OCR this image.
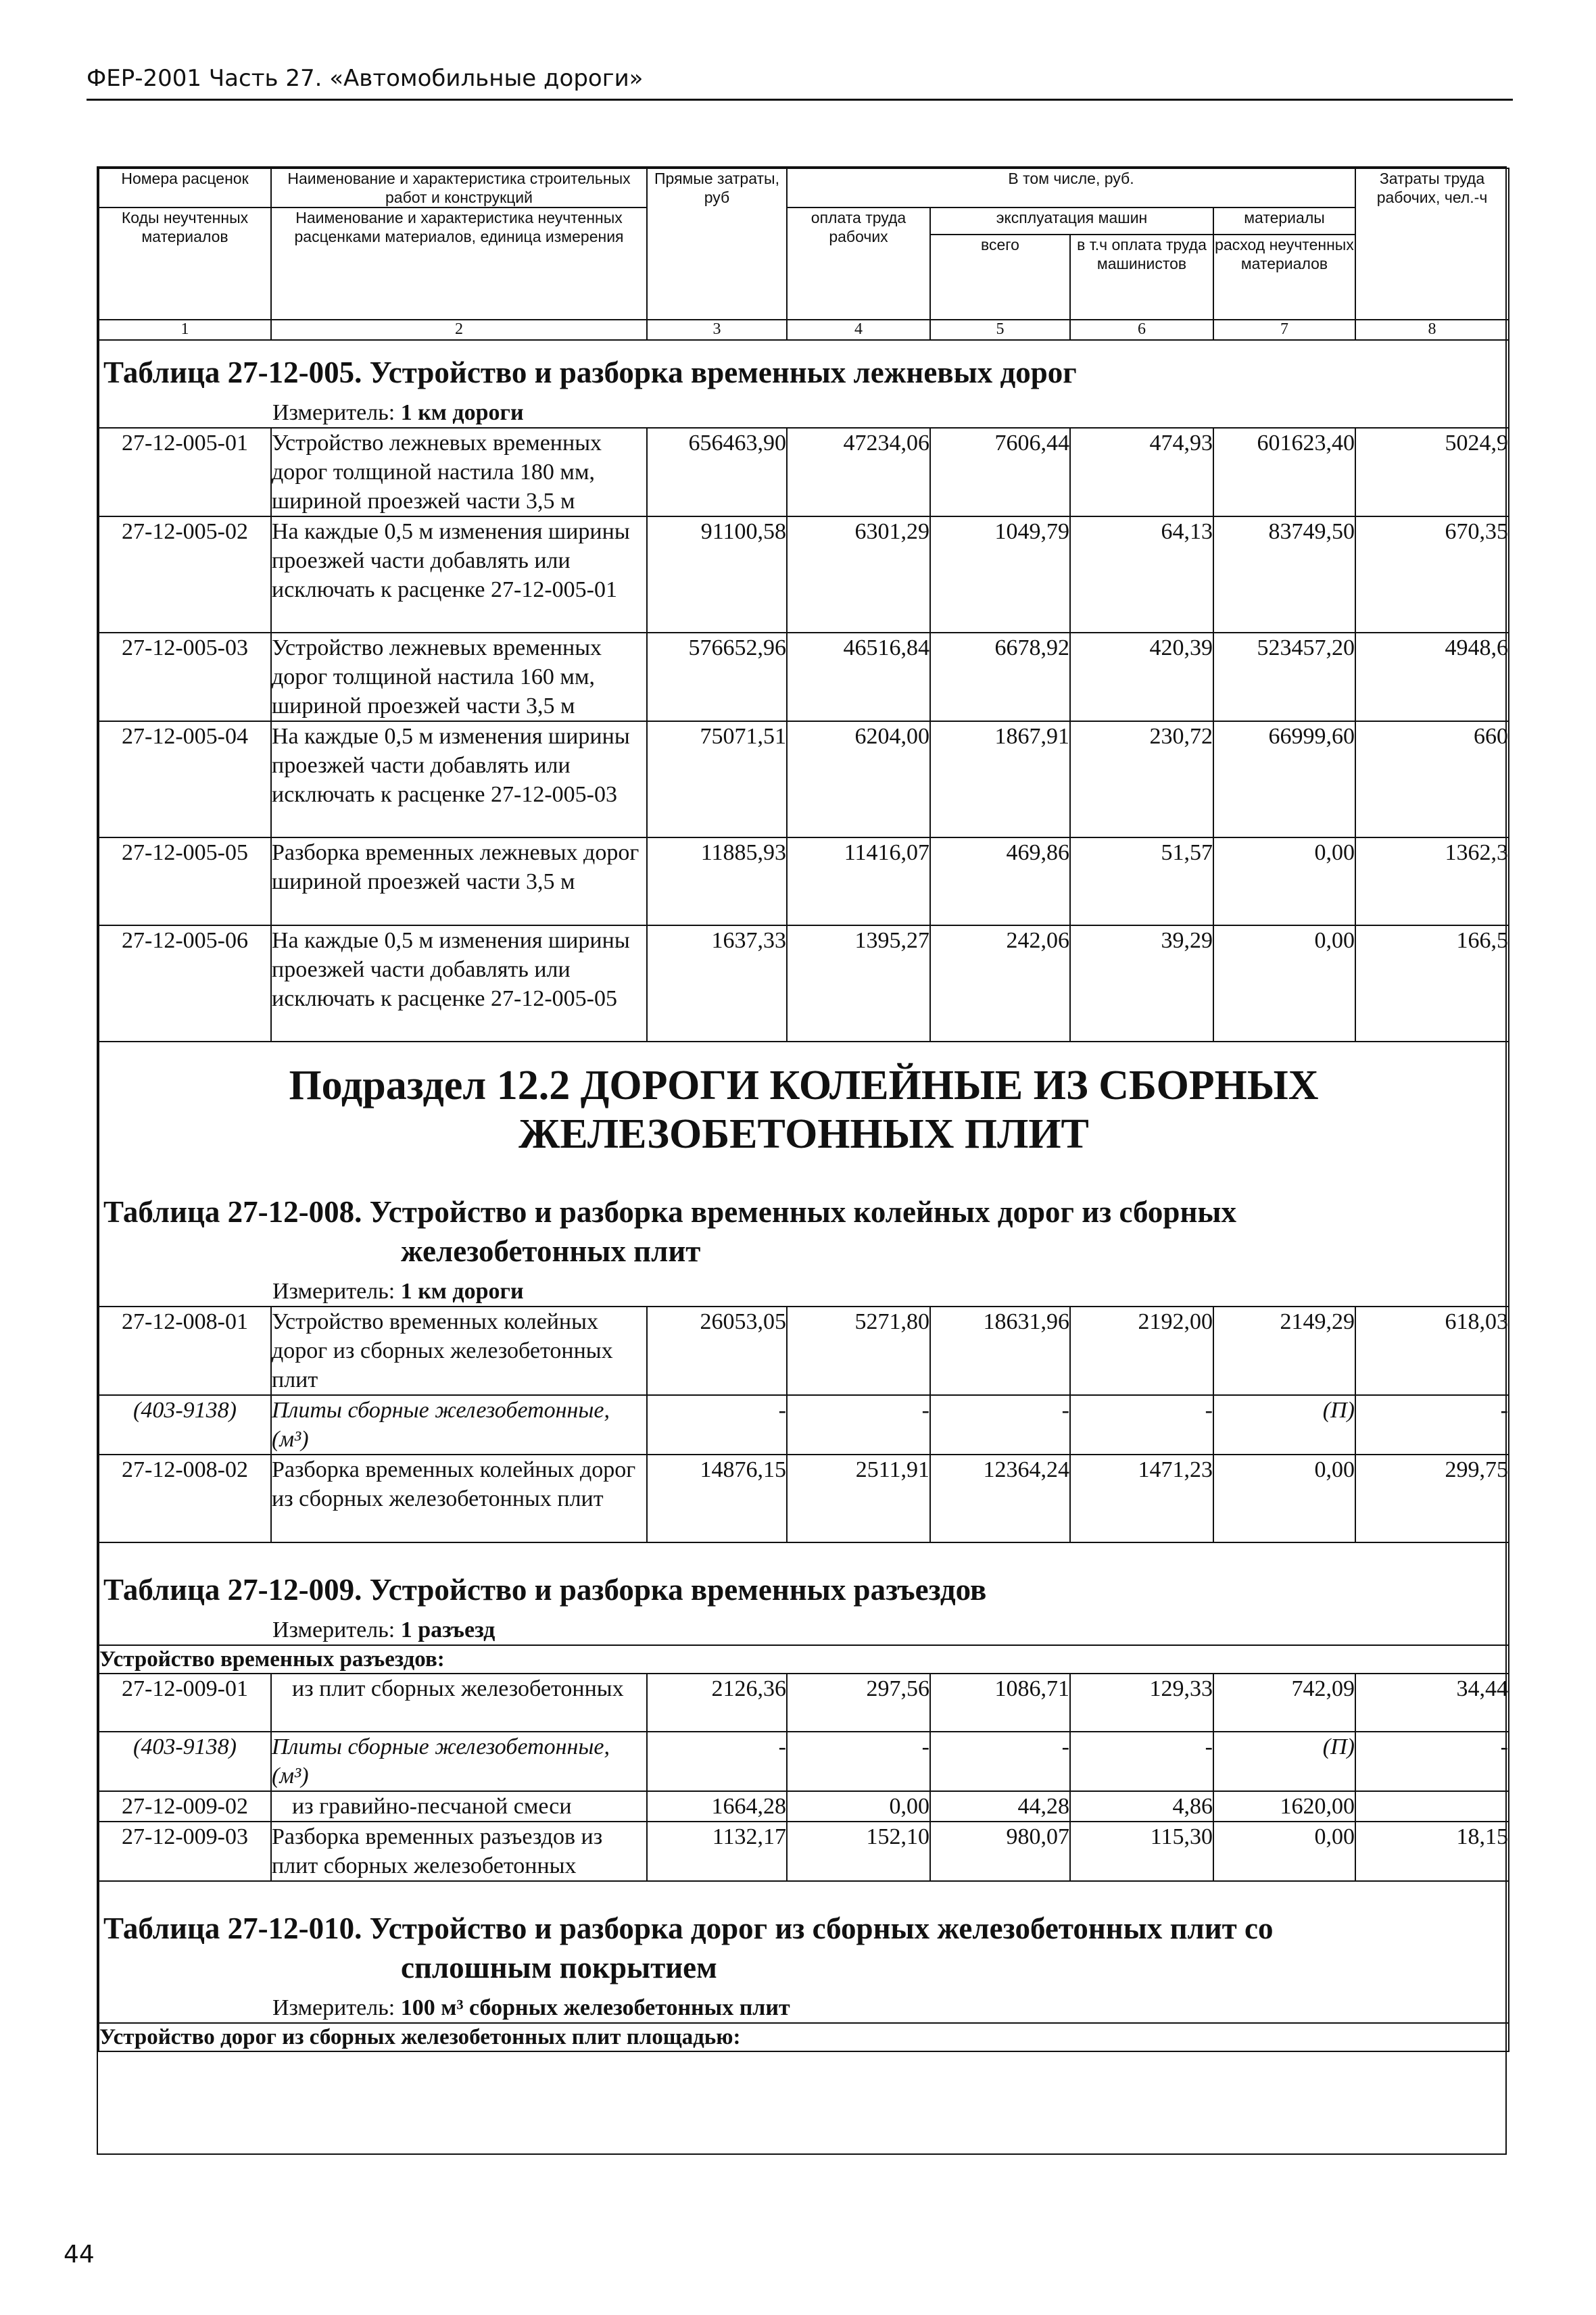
ФЕР-2001 Часть 27. «Автомобильные дороги»
Номера расценок	Наименование и характеристика строительных работ и конструкций	Прямые затраты, руб	В том числе, руб.				Затраты труда рабочих, чел.-ч
Коды неучтенных материалов	Наименование и характеристика неучтенных расценками материалов, единица измерения		оплата труда рабочих	эксплуатация машин		материалы	
				всего	в т.ч оплата труда машинистов	расход неучтенных материалов	
1	2	3	4	5	6	7	8

Таблица 27-12-005. Устройство и разборка временных лежневых дорог
Измеритель: 1 км дороги							

27-12-005-01	Устройство лежневых временных дорог толщиной настила 180 мм, шириной проезжей части 3,5 м	656463,90	47234,06	7606,44	474,93	601623,40	5024,9
27-12-005-02	На каждые 0,5 м изменения ширины проезжей части добавлять или исключать к расценке 27-12-005-01	91100,58	6301,29	1049,79	64,13	83749,50	670,35
27-12-005-03	Устройство лежневых временных дорог толщиной настила 160 мм, шириной проезжей части 3,5 м	576652,96	46516,84	6678,92	420,39	523457,20	4948,6
27-12-005-04	На каждые 0,5 м изменения ширины проезжей части добавлять или исключать к расценке 27-12-005-03	75071,51	6204,00	1867,91	230,72	66999,60	660
27-12-005-05	Разборка временных лежневых дорог шириной проезжей части 3,5 м	11885,93	11416,07	469,86	51,57	0,00	1362,3
27-12-005-06	На каждые 0,5 м изменения ширины проезжей части добавлять или исключать к расценке 27-12-005-05	1637,33	1395,27	242,06	39,29	0,00	166,5

Подраздел 12.2 ДОРОГИ КОЛЕЙНЫЕ ИЗ СБОРНЫХ ЖЕЛЕЗОБЕТОННЫХ ПЛИТ
Таблица 27-12-008. Устройство и разборка временных колейных дорог из сборных
железобетонных плит
Измеритель: 1 км дороги							

27-12-008-01	Устройство временных колейных дорог из сборных железобетонных плит	26053,05	5271,80	18631,96	2192,00	2149,29	618,03
(403-9138)	Плиты сборные железобетонные, (м³)	-	-	-	-	(П)	-
27-12-008-02	Разборка временных колейных дорог из сборных железобетонных плит	14876,15	2511,91	12364,24	1471,23	0,00	299,75

Таблица 27-12-009. Устройство и разборка временных разъездов
Измеритель: 1 разъезд							

Устройство временных разъездов:							
27-12-009-01	из плит сборных железобетонных	2126,36	297,56	1086,71	129,33	742,09	34,44
(403-9138)	Плиты сборные железобетонные, (м³)	-	-	-	-	(П)	-
27-12-009-02	из гравийно-песчаной смеси	1664,28	0,00	44,28	4,86	1620,00	
27-12-009-03	Разборка временных разъездов из плит сборных железобетонных	1132,17	152,10	980,07	115,30	0,00	18,15

Таблица 27-12-010. Устройство и разборка дорог из сборных железобетонных плит со
сплошным покрытием
Измеритель: 100 м³ сборных железобетонных плит							

Устройство дорог из сборных железобетонных плит площадью:							
44
